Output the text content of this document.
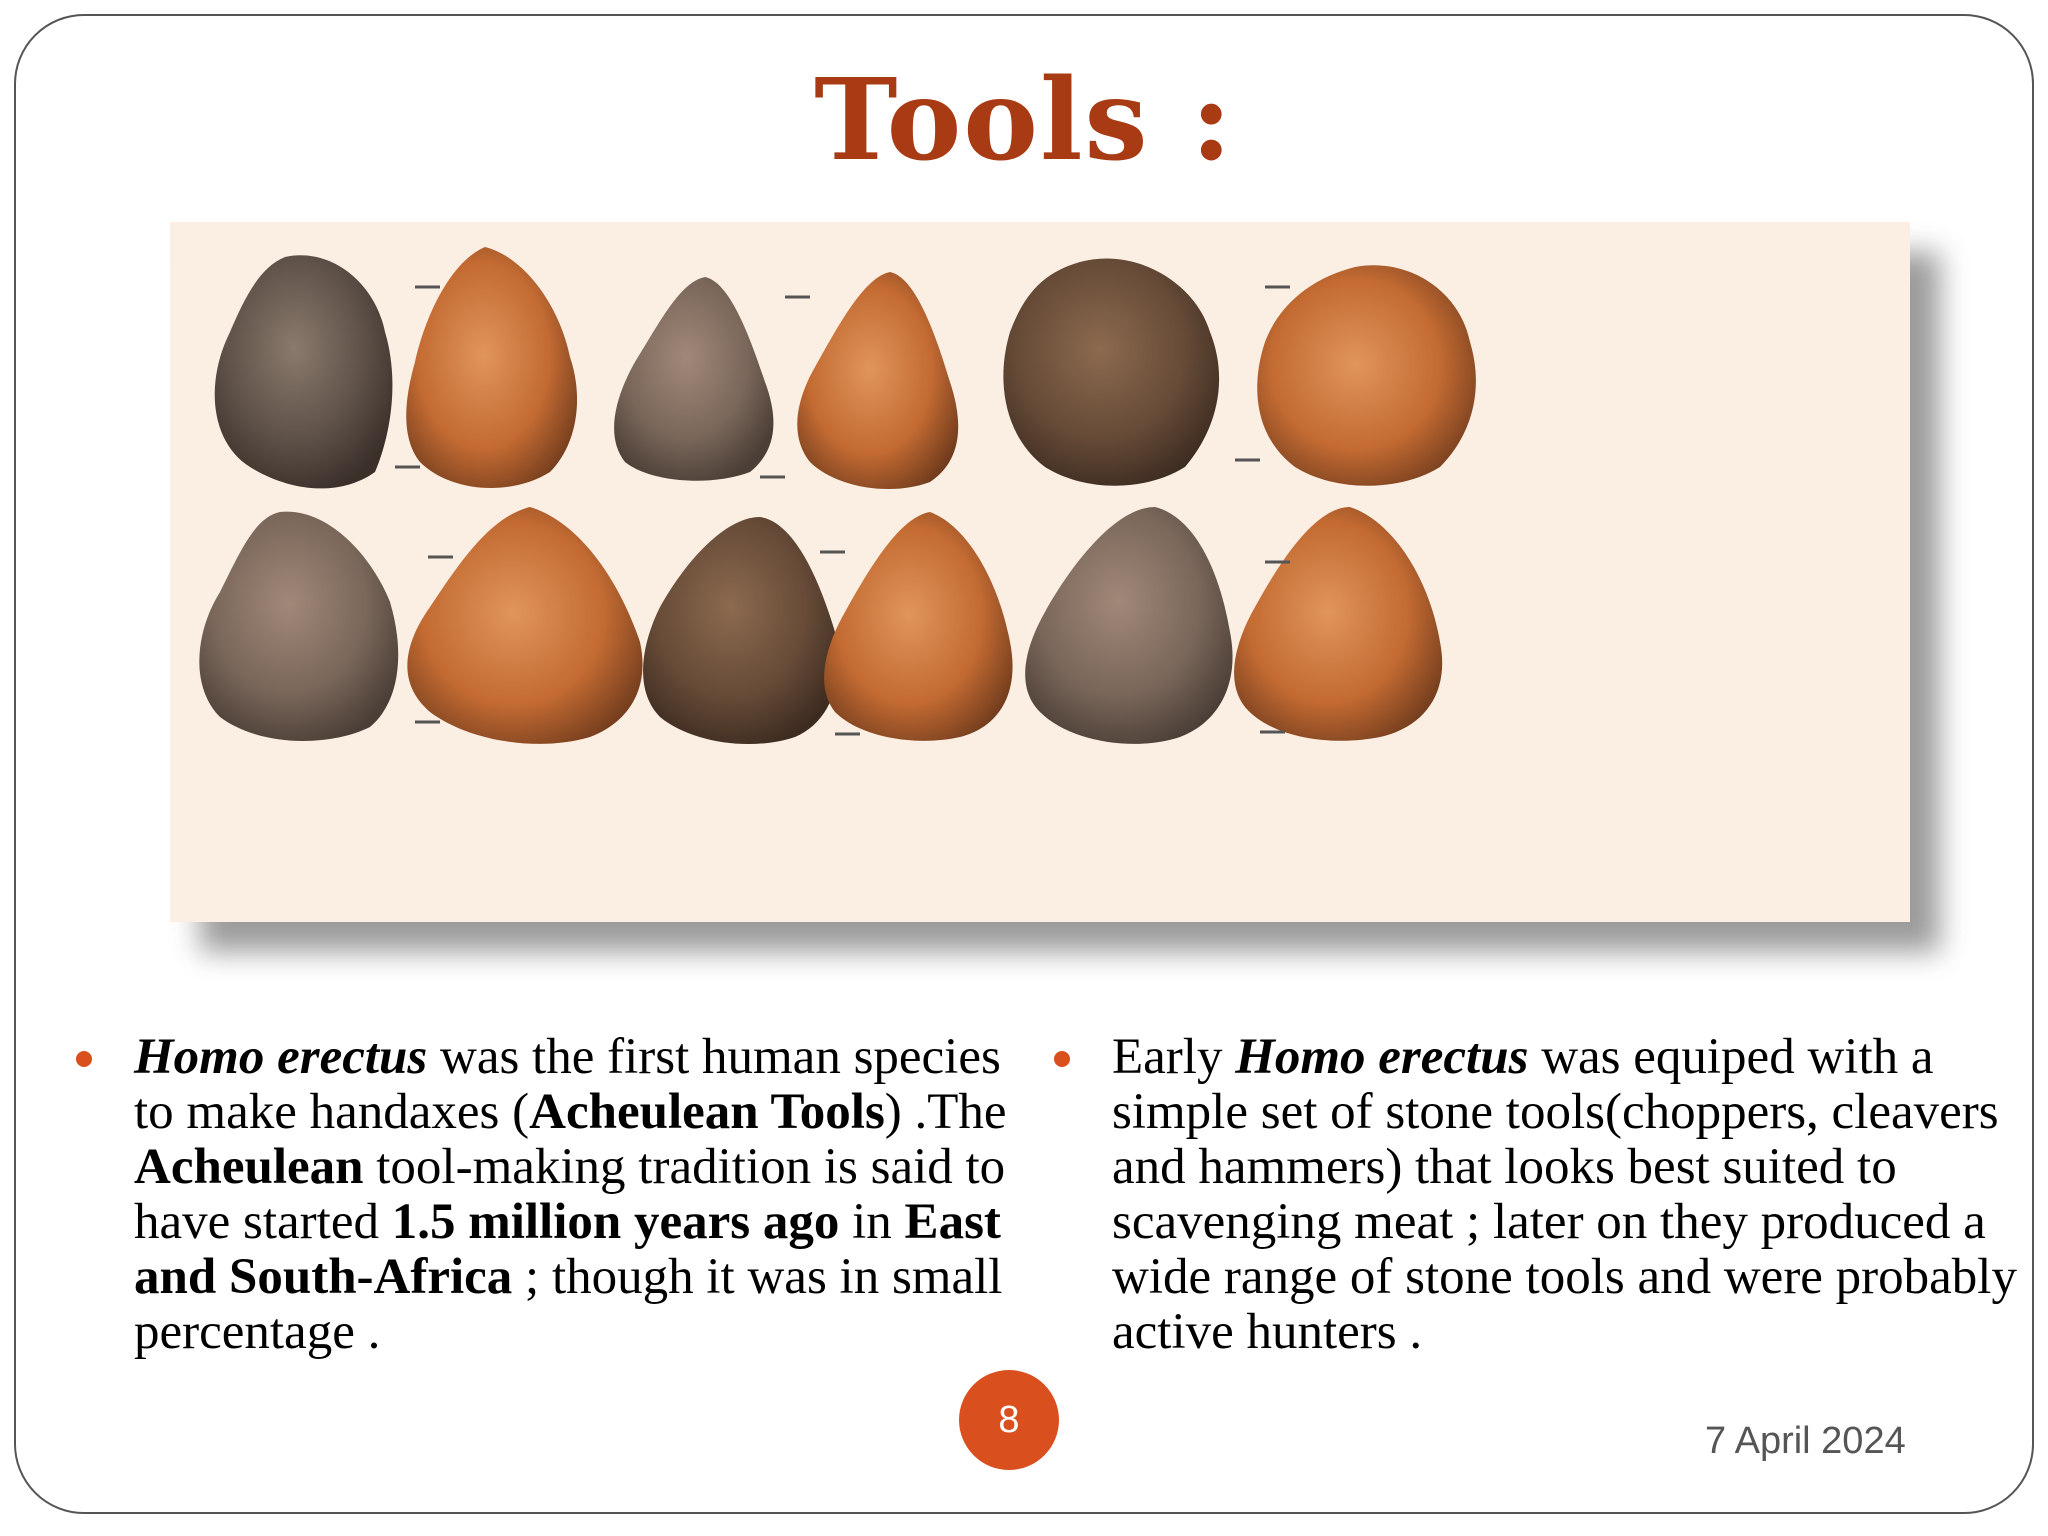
Tools :

Homo erectus was the first human species to make handaxes (Acheulean Tools) .The Acheulean tool-making tradition is said to have started 1.5 million years ago in East and South-Africa ; though it was in small percentage .

Early Homo erectus was equiped with a simple set of stone tools(choppers, cleavers and hammers) that looks best suited to scavenging meat ; later on they produced a wide range of stone tools and were probably active hunters .

8
7 April 2024
